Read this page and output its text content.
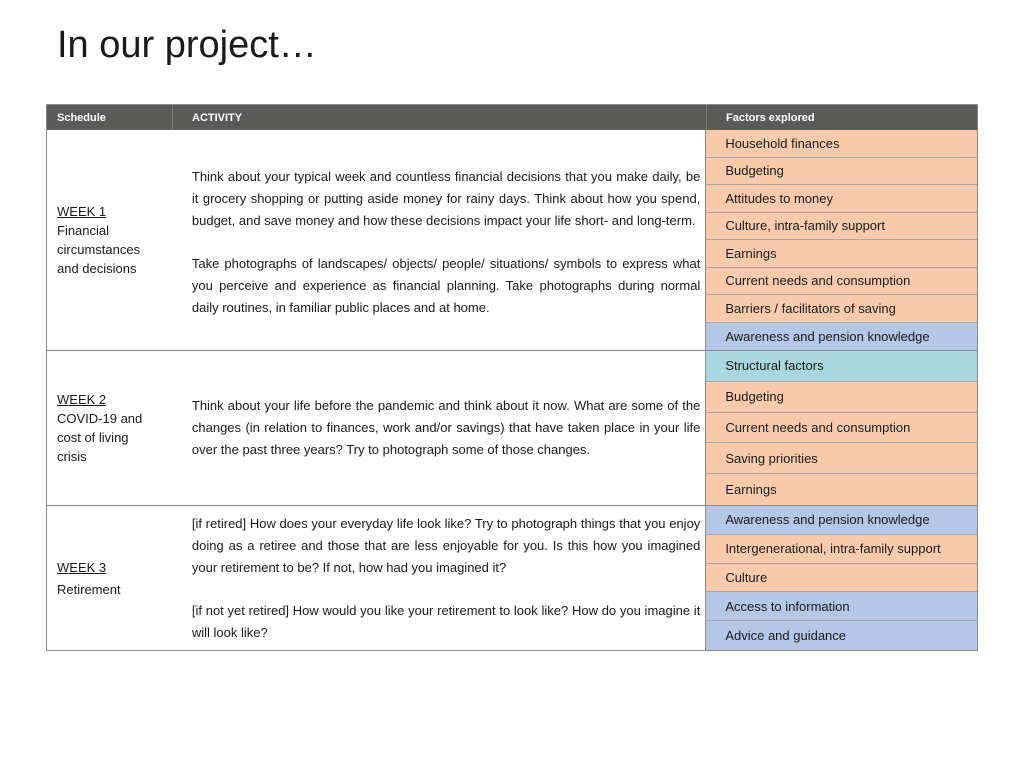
In our project…
Schedule	ACTIVITY	Factors explored
WEEK 1
Financial
circumstances
and decisions

Think about your typical week and countless financial decisions that you make daily, be it grocery shopping or putting aside money for rainy days. Think about how you spend, budget, and save money and how these decisions impact your life short- and long-term.

Take photographs of landscapes/ objects/ people/ situations/ symbols to express what you perceive and experience as financial planning. Take photographs during normal daily routines, in familiar public places and at home.

Household finances
Budgeting
Attitudes to money
Culture, intra-family support
Earnings
Current needs and consumption
Barriers / facilitators of saving
Awareness and pension knowledge
WEEK 2
COVID-19 and
cost of living
crisis

Think about your life before the pandemic and think about it now. What are some of the changes (in relation to finances, work and/or savings) that have taken place in your life over the past three years? Try to photograph some of those changes.

Structural factors
Budgeting
Current needs and consumption
Saving priorities
Earnings
WEEK 3
Retirement

[if retired] How does your everyday life look like? Try to photograph things that you enjoy doing as a retiree and those that are less enjoyable for you. Is this how you imagined your retirement to be? If not, how had you imagined it?

[if not yet retired] How would you like your retirement to look like? How do you imagine it will look like?

Awareness and pension knowledge
Intergenerational, intra-family support
Culture
Access to information
Advice and guidance
